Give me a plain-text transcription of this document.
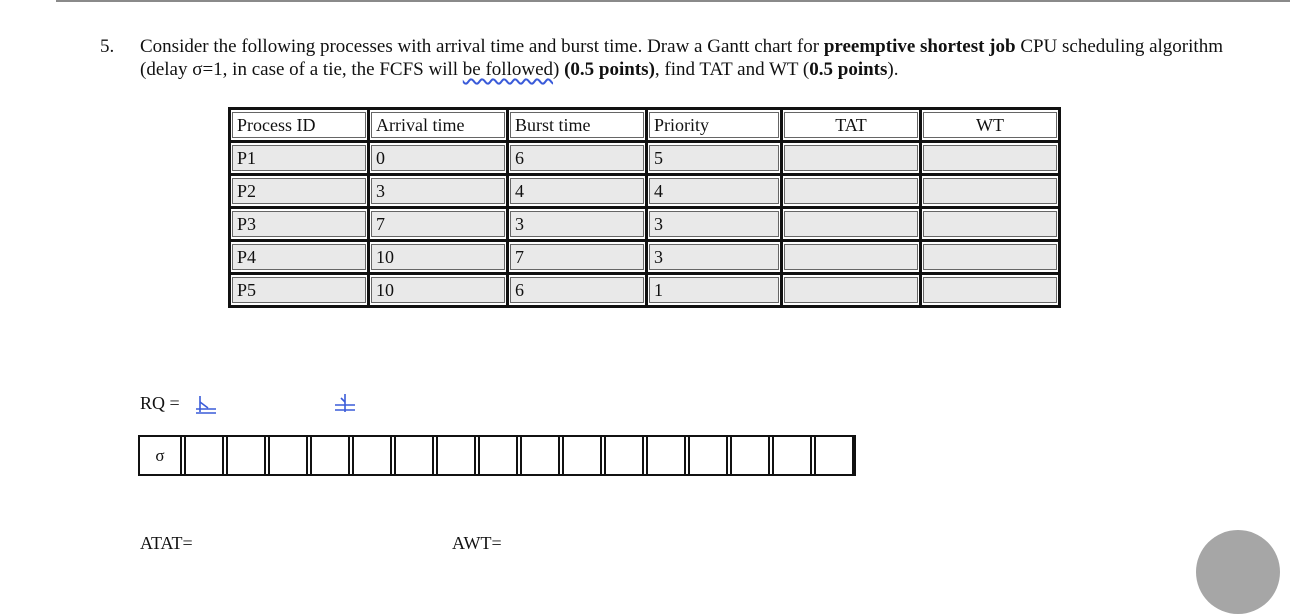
5. Consider the following processes with arrival time and burst time. Draw a Gantt chart for preemptive shortest job CPU scheduling algorithm (delay σ=1, in case of a tie, the FCFS will be followed) (0.5 points), find TAT and WT (0.5 points).
Process ID	Arrival time	Burst time	Priority	TAT	WT

P1	0	6	5		

P2	3	4	4		

P3	7	3	3		

P4	10	7	3		

P5	10	6	1		

RQ =
σ
ATAT=	AWT=
